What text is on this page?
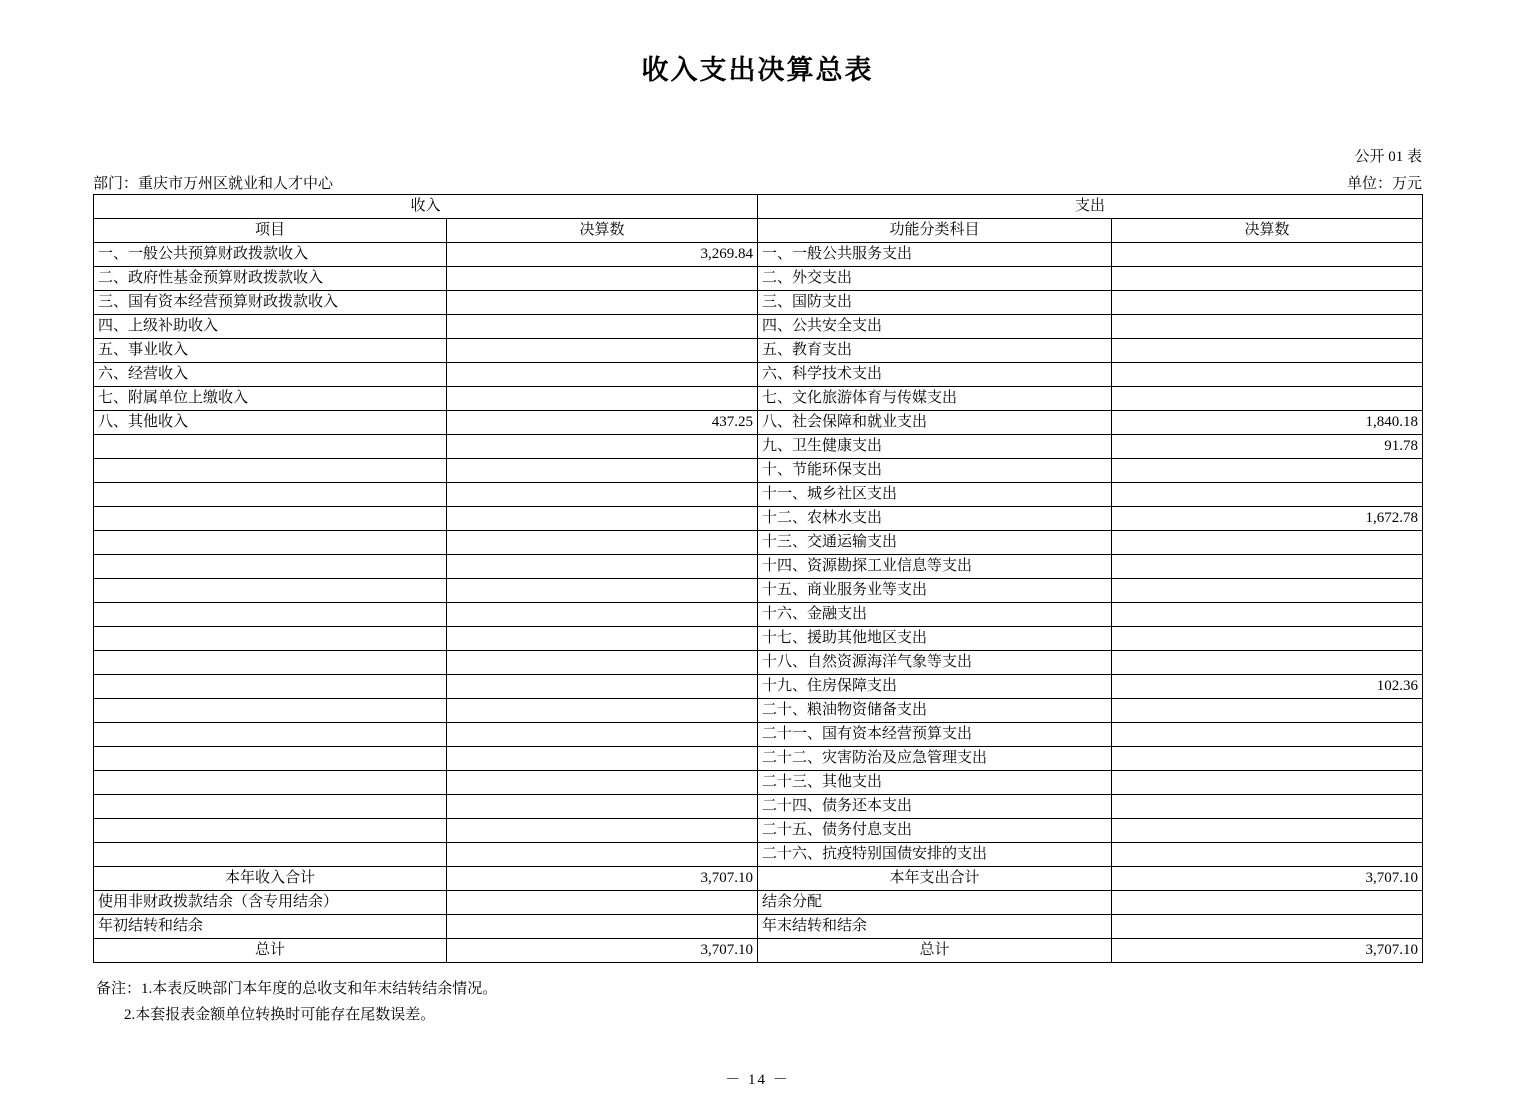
收入支出决算总表
公开 01 表
单位：万元
部门：重庆市万州区就业和人才中心
收入		支出	
项目	决算数	功能分类科目	决算数
一、一般公共预算财政拨款收入	3,269.84	一、一般公共服务支出	
二、政府性基金预算财政拨款收入		二、外交支出	
三、国有资本经营预算财政拨款收入		三、国防支出	
四、上级补助收入		四、公共安全支出	
五、事业收入		五、教育支出	
六、经营收入		六、科学技术支出	
七、附属单位上缴收入		七、文化旅游体育与传媒支出	
八、其他收入	437.25	八、社会保障和就业支出	1,840.18
		九、卫生健康支出	91.78
		十、节能环保支出	
		十一、城乡社区支出	
		十二、农林水支出	1,672.78
		十三、交通运输支出	
		十四、资源勘探工业信息等支出	
		十五、商业服务业等支出	
		十六、金融支出	
		十七、援助其他地区支出	
		十八、自然资源海洋气象等支出	
		十九、住房保障支出	102.36
		二十、粮油物资储备支出	
		二十一、国有资本经营预算支出	
		二十二、灾害防治及应急管理支出	
		二十三、其他支出	
		二十四、债务还本支出	
		二十五、债务付息支出	
		二十六、抗疫特别国债安排的支出	
本年收入合计	3,707.10	本年支出合计	3,707.10
使用非财政拨款结余（含专用结余）		结余分配	
年初结转和结余		年末结转和结余	
总计	3,707.10	总计	3,707.10
备注：1.本表反映部门本年度的总收支和年末结转结余情况。
2.本套报表金额单位转换时可能存在尾数误差。
－ 14 －
